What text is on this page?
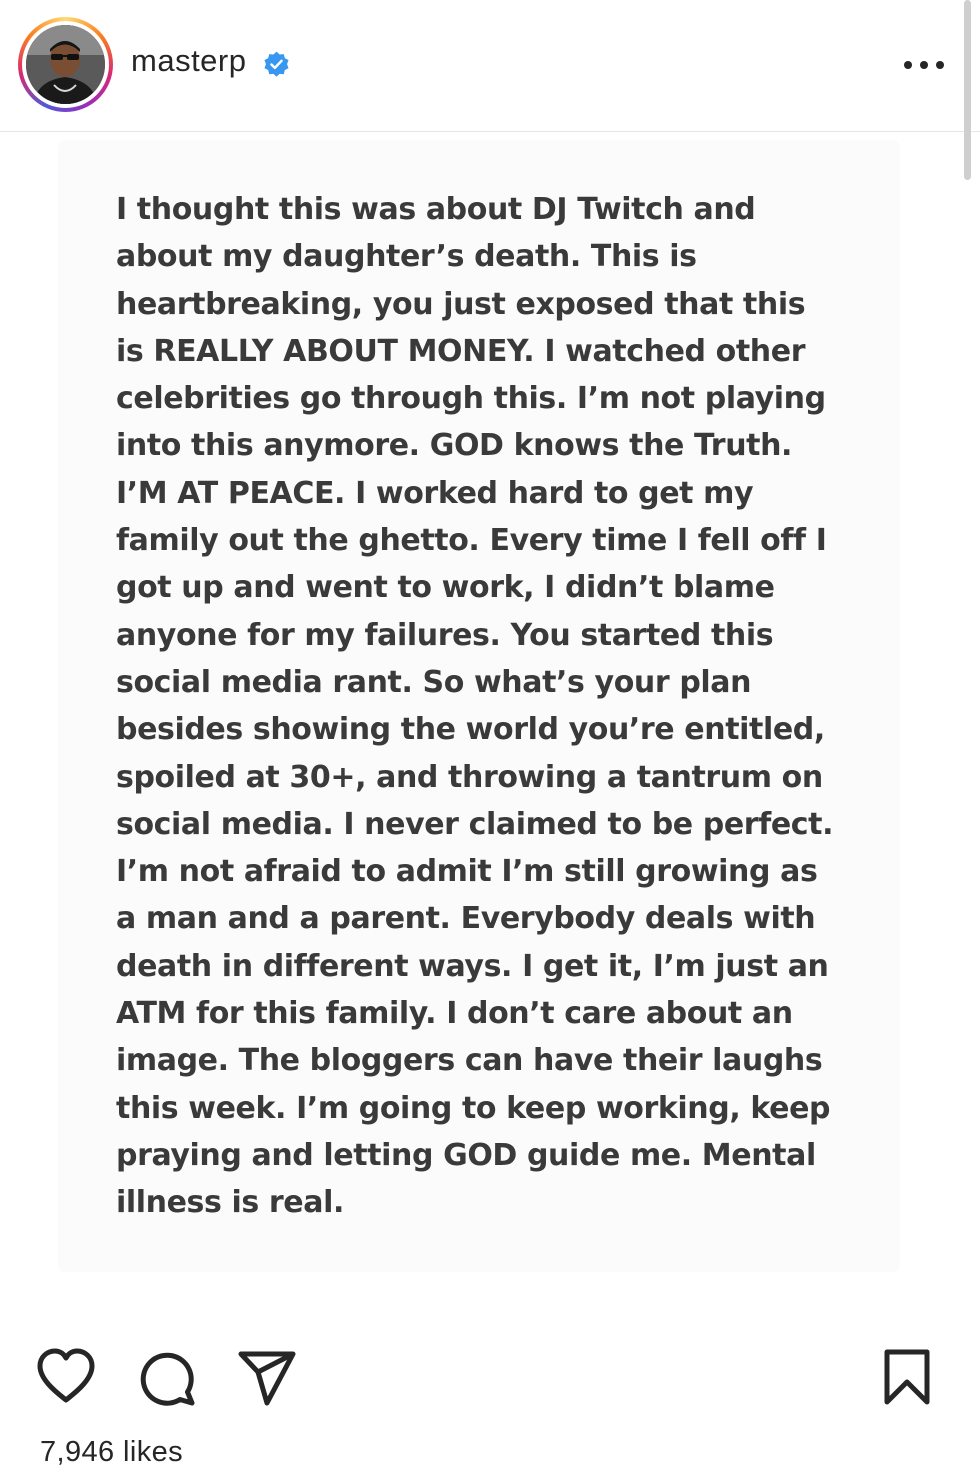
masterp
I thought this was about DJ Twitch and
about my daughter’s death. This is
heartbreaking, you just exposed that this
is REALLY ABOUT MONEY. I watched other
celebrities go through this. I’m not playing
into this anymore. GOD knows the Truth.
I’M AT PEACE. I worked hard to get my
family out the ghetto. Every time I fell off I
got up and went to work, I didn’t blame
anyone for my failures. You started this
social media rant. So what’s your plan
besides showing the world you’re entitled,
spoiled at 30+, and throwing a tantrum on
social media. I never claimed to be perfect.
I’m not afraid to admit I’m still growing as
a man and a parent. Everybody deals with
death in different ways. I get it, I’m just an
ATM for this family. I don’t care about an
image. The bloggers can have their laughs
this week. I’m going to keep working, keep
praying and letting GOD guide me. Mental
illness is real.
7,946 likes
